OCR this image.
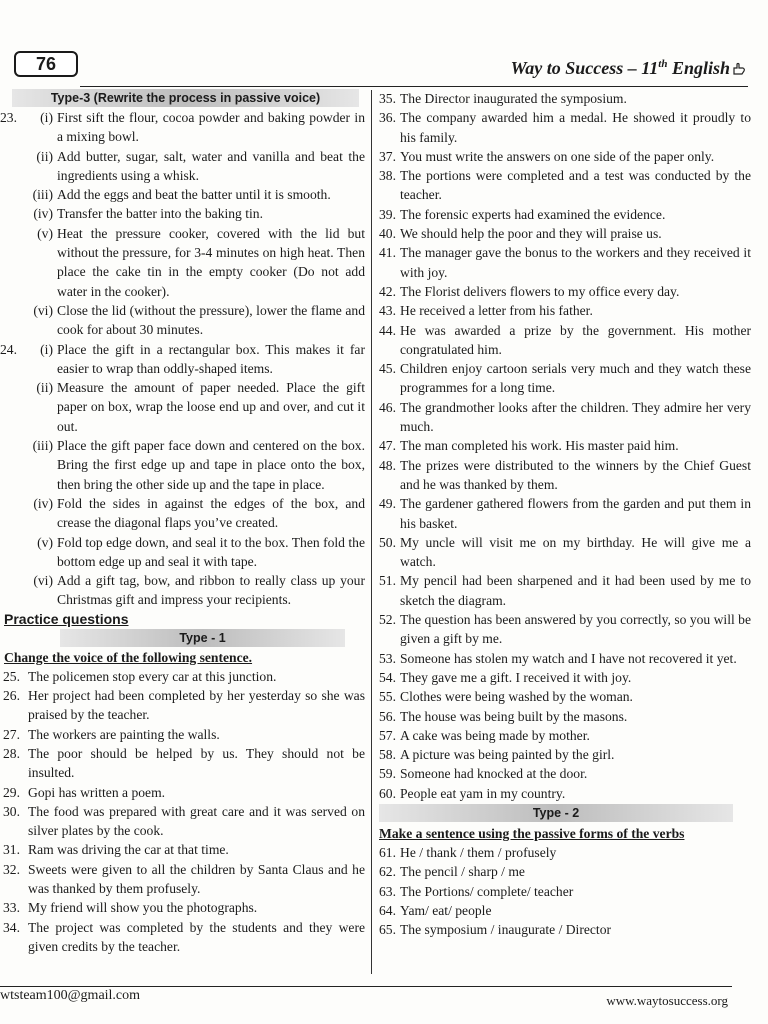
76	Way to Success – 11th English
Type-3 (Rewrite the process in passive voice)
23.	(i) First sift the flour, cocoa powder and baking powder in a mixing bowl.
(ii) Add butter, sugar, salt, water and vanilla and beat the ingredients using a whisk.
(iii) Add the eggs and beat the batter until it is smooth.
(iv) Transfer the batter into the baking tin.
(v) Heat the pressure cooker, covered with the lid but without the pressure, for 3-4 minutes on high heat. Then place the cake tin in the empty cooker (Do not add water in the cooker).
(vi) Close the lid (without the pressure), lower the flame and cook for about 30 minutes.
24.	(i) Place the gift in a rectangular box. This makes it far easier to wrap than oddly-shaped items.
(ii) Measure the amount of paper needed. Place the gift paper on box, wrap the loose end up and over, and cut it out.
(iii) Place the gift paper face down and centered on the box. Bring the first edge up and tape in place onto the box, then bring the other side up and the tape in place.
(iv) Fold the sides in against the edges of the box, and crease the diagonal flaps you’ve created.
(v) Fold top edge down, and seal it to the box. Then fold the bottom edge up and seal it with tape.
(vi) Add a gift tag, bow, and ribbon to really class up your Christmas gift and impress your recipients.
Practice questions
Type - 1
Change the voice of the following sentence.
25. The policemen stop every car at this junction.
26. Her project had been completed by her yesterday so she was praised by the teacher.
27. The workers are painting the walls.
28. The poor should be helped by us. They should not be insulted.
29. Gopi has written a poem.
30. The food was prepared with great care and it was served on silver plates by the cook.
31. Ram was driving the car at that time.
32. Sweets were given to all the children by Santa Claus and he was thanked by them profusely.
33. My friend will show you the photographs.
34. The project was completed by the students and they were given credits by the teacher.
35. The Director inaugurated the symposium.
36. The company awarded him a medal. He showed it proudly to his family.
37. You must write the answers on one side of the paper only.
38. The portions were completed and a test was conducted by the teacher.
39. The forensic experts had examined the evidence.
40. We should help the poor and they will praise us.
41. The manager gave the bonus to the workers and they received it with joy.
42. The Florist delivers flowers to my office every day.
43. He received a letter from his father.
44. He was awarded a prize by the government. His mother congratulated him.
45. Children enjoy cartoon serials very much and they watch these programmes for a long time.
46. The grandmother looks after the children. They admire her very much.
47. The man completed his work. His master paid him.
48. The prizes were distributed to the winners by the Chief Guest and he was thanked by them.
49. The gardener gathered flowers from the garden and put them in his basket.
50. My uncle will visit me on my birthday. He will give me a watch.
51. My pencil had been sharpened and it had been used by me to sketch the diagram.
52. The question has been answered by you correctly, so you will be given a gift by me.
53. Someone has stolen my watch and I have not recovered it yet.
54. They gave me a gift. I received it with joy.
55. Clothes were being washed by the woman.
56. The house was being built by the masons.
57. A cake was being made by mother.
58. A picture was being painted by the girl.
59. Someone had knocked at the door.
60. People eat yam in my country.
Type - 2
Make a sentence using the passive forms of the verbs
61. He / thank / them / profusely
62. The pencil / sharp / me
63. The Portions/ complete/ teacher
64. Yam/ eat/ people
65. The symposium / inaugurate / Director
wtsteam100@gmail.com	www.waytosuccess.org
